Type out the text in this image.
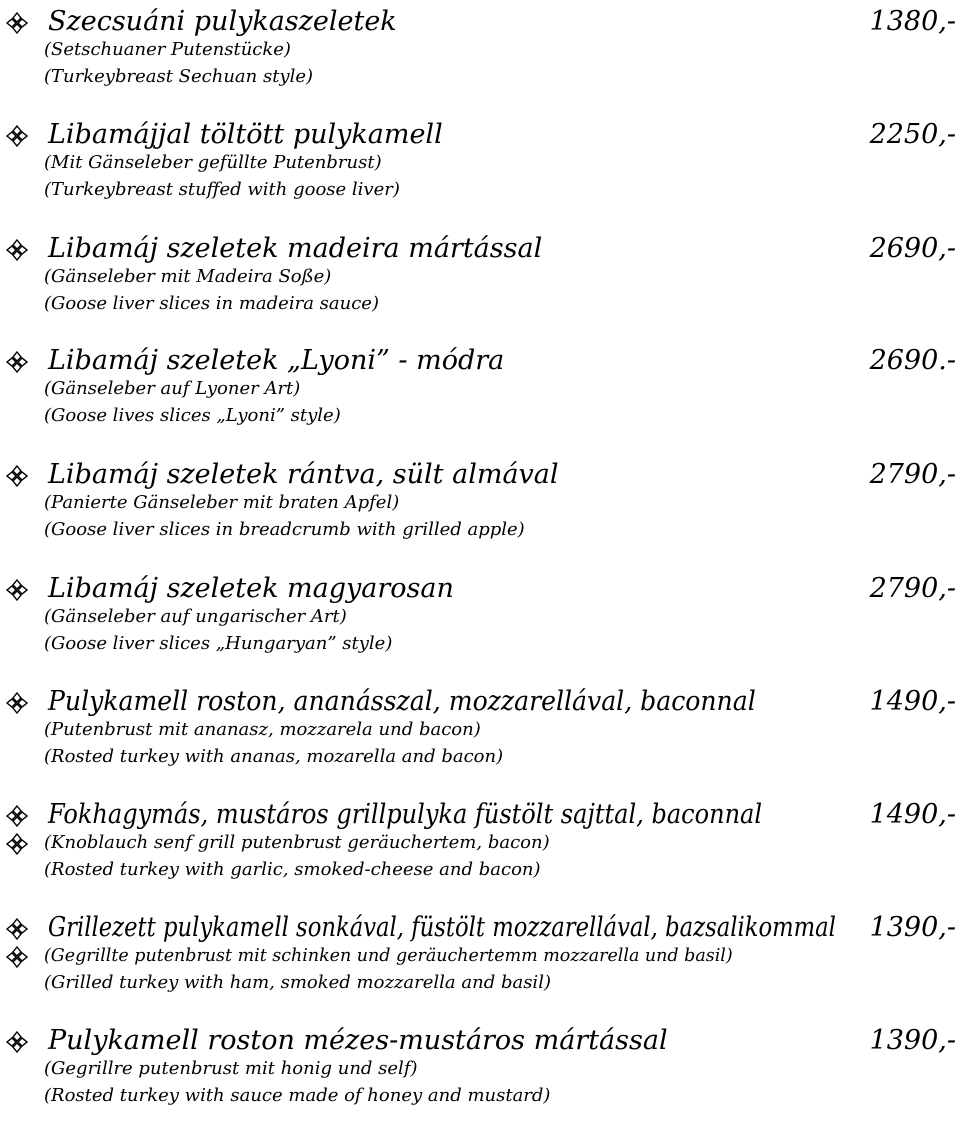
Szecsuáni pulykaszeletek	1380,-
(Setschuaner Putenstücke)
(Turkeybreast Sechuan style)
Libamájjal töltött pulykamell	2250,-
(Mit Gänseleber gefüllte Putenbrust)
(Turkeybreast stuffed with goose liver)
Libamáj szeletek madeira mártással	2690,-
(Gänseleber mit Madeira Soße)
(Goose liver slices in madeira sauce)
Libamáj szeletek „Lyoni” - módra	2690.-
(Gänseleber auf Lyoner Art)
(Goose lives slices „Lyoni” style)
Libamáj szeletek rántva, sült almával	2790,-
(Panierte Gänseleber mit braten Apfel)
(Goose liver slices in breadcrumb with grilled apple)
Libamáj szeletek magyarosan	2790,-
(Gänseleber auf ungarischer Art)
(Goose liver slices „Hungaryan” style)
Pulykamell roston, ananásszal, mozzarellával, baconnal	1490,-
(Putenbrust mit ananasz, mozzarela und bacon)
(Rosted turkey with ananas, mozarella and bacon)
Fokhagymás, mustáros grillpulyka füstölt sajttal, baconnal	1490,-
(Knoblauch senf grill putenbrust geräuchertem, bacon)
(Rosted turkey with garlic, smoked-cheese and bacon)
Grillezett pulykamell sonkával, füstölt mozzarellával, bazsalikommal 1390,-
(Gegrillte putenbrust mit schinken und geräuchertemm mozzarella und basil)
(Grilled turkey with ham, smoked mozzarella and basil)
Pulykamell roston mézes-mustáros mártással	1390,-
(Gegrillre putenbrust mit honig und self)
(Rosted turkey with sauce made of honey and mustard)
